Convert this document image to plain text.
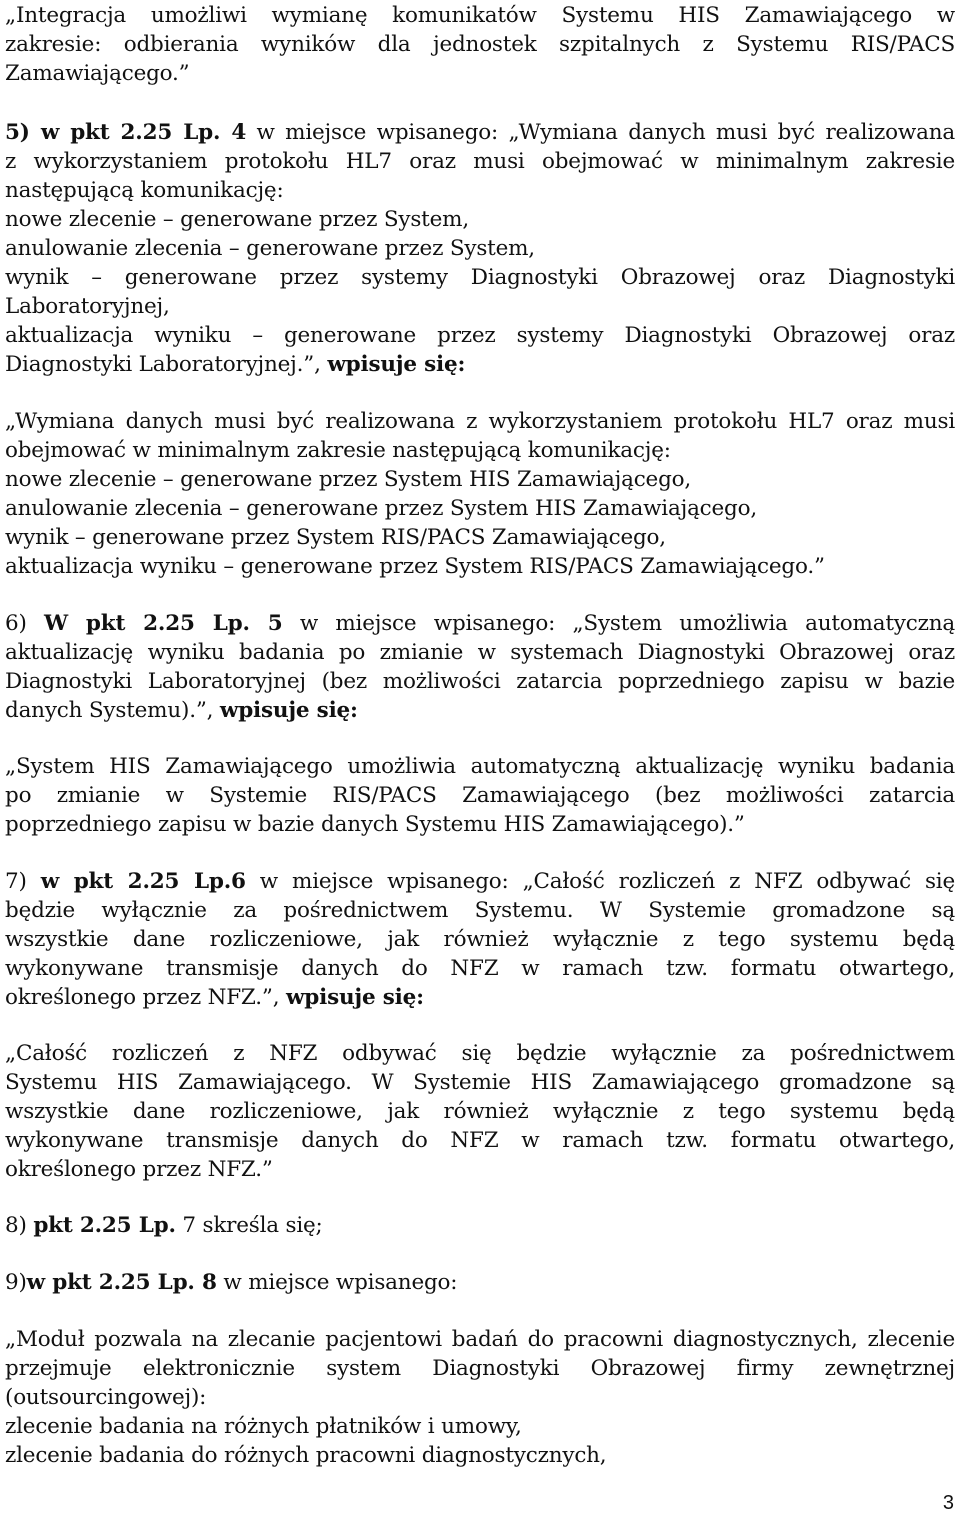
„Integracja umożliwi wymianę komunikatów Systemu HIS Zamawiającego w
zakresie: odbierania wyników dla jednostek szpitalnych z Systemu RIS/PACS
Zamawiającego.”
5) w pkt 2.25 Lp. 4 w miejsce wpisanego: „Wymiana danych musi być realizowana
z wykorzystaniem protokołu HL7 oraz musi obejmować w minimalnym zakresie
następującą komunikację:
nowe zlecenie – generowane przez System,
anulowanie zlecenia – generowane przez System,
wynik – generowane przez systemy Diagnostyki Obrazowej oraz Diagnostyki
Laboratoryjnej,
aktualizacja wyniku – generowane przez systemy Diagnostyki Obrazowej oraz
Diagnostyki Laboratoryjnej.”, wpisuje się:
„Wymiana danych musi być realizowana z wykorzystaniem protokołu HL7 oraz musi
obejmować w minimalnym zakresie następującą komunikację:
nowe zlecenie – generowane przez System HIS Zamawiającego,
anulowanie zlecenia – generowane przez System HIS Zamawiającego,
wynik – generowane przez System RIS/PACS Zamawiającego,
aktualizacja wyniku – generowane przez System RIS/PACS Zamawiającego.”
6) W pkt 2.25 Lp. 5 w miejsce wpisanego: „System umożliwia automatyczną
aktualizację wyniku badania po zmianie w systemach Diagnostyki Obrazowej oraz
Diagnostyki Laboratoryjnej (bez możliwości zatarcia poprzedniego zapisu w bazie
danych Systemu).”, wpisuje się:
„System HIS Zamawiającego umożliwia automatyczną aktualizację wyniku badania
po zmianie w Systemie RIS/PACS Zamawiającego (bez możliwości zatarcia
poprzedniego zapisu w bazie danych Systemu HIS Zamawiającego).”
7) w pkt 2.25 Lp.6 w miejsce wpisanego: „Całość rozliczeń z NFZ odbywać się
będzie wyłącznie za pośrednictwem Systemu. W Systemie gromadzone są
wszystkie dane rozliczeniowe, jak również wyłącznie z tego systemu będą
wykonywane transmisje danych do NFZ w ramach tzw. formatu otwartego,
określonego przez NFZ.”, wpisuje się:
„Całość rozliczeń z NFZ odbywać się będzie wyłącznie za pośrednictwem
Systemu HIS Zamawiającego. W Systemie HIS Zamawiającego gromadzone są
wszystkie dane rozliczeniowe, jak również wyłącznie z tego systemu będą
wykonywane transmisje danych do NFZ w ramach tzw. formatu otwartego,
określonego przez NFZ.”
8) pkt 2.25 Lp. 7 skreśla się;
9)w pkt 2.25 Lp. 8 w miejsce wpisanego:
„Moduł pozwala na zlecanie pacjentowi badań do pracowni diagnostycznych, zlecenie
przejmuje elektronicznie system Diagnostyki Obrazowej firmy zewnętrznej
(outsourcingowej):
zlecenie badania na różnych płatników i umowy,
zlecenie badania do różnych pracowni diagnostycznych,
3
